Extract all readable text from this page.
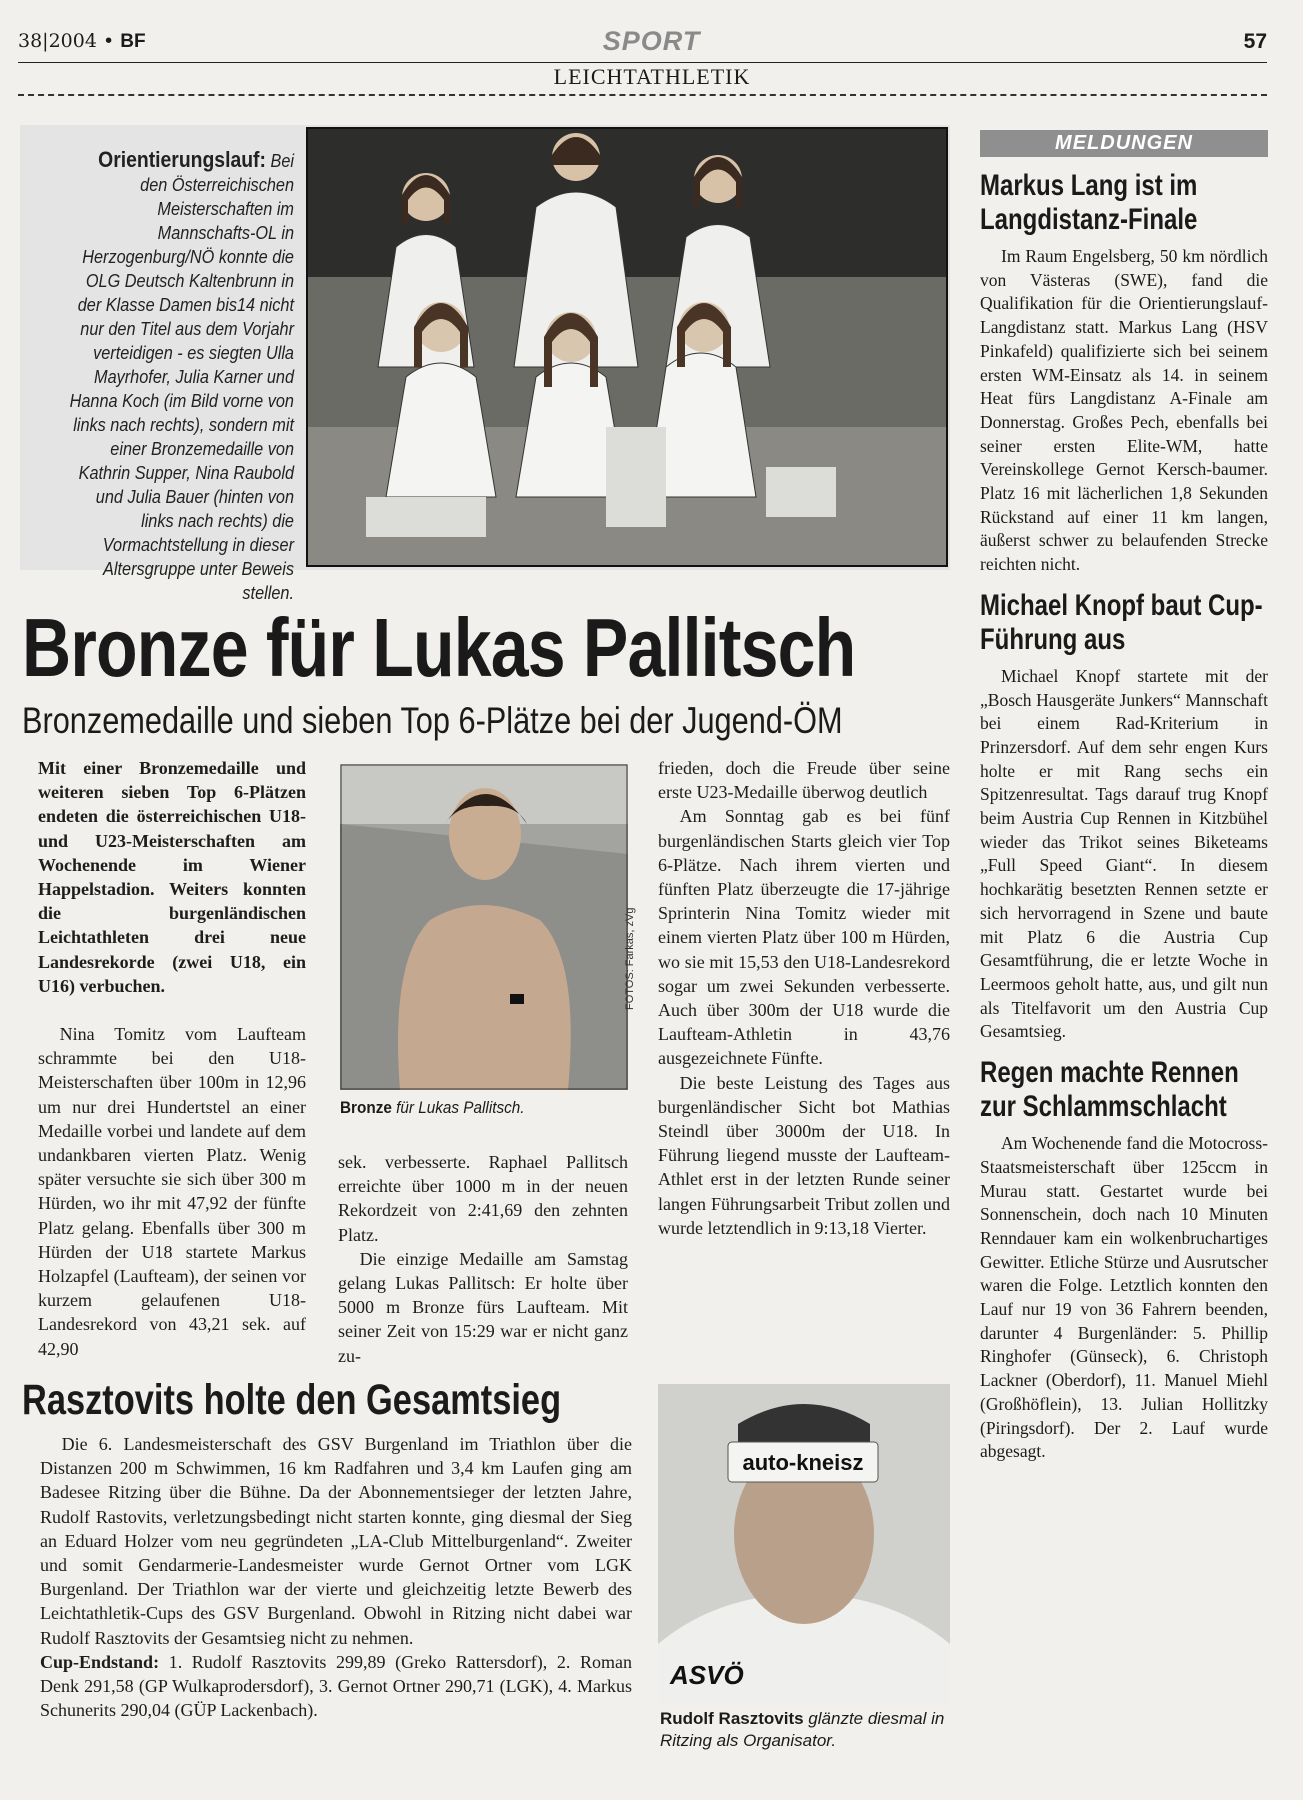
38|2004 • BF	SPORT	57
LEICHTATHLETIK
Orientierungslauf: Bei den Österreichischen Meisterschaften im Mannschafts-OL in Herzogenburg/NÖ konnte die OLG Deutsch Kaltenbrunn in der Klasse Damen bis14 nicht nur den Titel aus dem Vorjahr verteidigen - es siegten Ulla Mayrhofer, Julia Karner und Hanna Koch (im Bild vorne von links nach rechts), sondern mit einer Bronzemedaille von Kathrin Supper, Nina Raubold und Julia Bauer (hinten von links nach rechts) die Vormachtstellung in dieser Altersgruppe unter Beweis stellen.
Bronze für Lukas Pallitsch
Bronzemedaille und sieben Top 6-Plätze bei der Jugend-ÖM
Mit einer Bronzemedaille und weiteren sieben Top 6-Plätzen endeten die österreichischen U18- und U23-Meisterschaften am Wochenende im Wiener Happelstadion. Weiters konnten die burgenländischen Leichtathleten drei neue Landesrekorde (zwei U18, ein U16) verbuchen.

Nina Tomitz vom Laufteam schrammte bei den U18-Meisterschaften über 100m in 12,96 um nur drei Hundertstel an einer Medaille vorbei und landete auf dem undankbaren vierten Platz. Wenig später versuchte sie sich über 300 m Hürden, wo ihr mit 47,92 der fünfte Platz gelang. Ebenfalls über 300 m Hürden der U18 startete Markus Holzapfel (Laufteam), der seinen vor kurzem gelaufenen U18-Landesrekord von 43,21 sek. auf 42,90

FOTOS: Farkas, zVg
Bronze für Lukas Pallitsch.

sek. verbesserte. Raphael Pallitsch erreichte über 1000 m in der neuen Rekordzeit von 2:41,69 den zehnten Platz.

Die einzige Medaille am Samstag gelang Lukas Pallitsch: Er holte über 5000 m Bronze fürs Laufteam. Mit seiner Zeit von 15:29 war er nicht ganz zu-

frieden, doch die Freude über seine erste U23-Medaille überwog deutlich

Am Sonntag gab es bei fünf burgenländischen Starts gleich vier Top 6-Plätze. Nach ihrem vierten und fünften Platz überzeugte die 17-jährige Sprinterin Nina Tomitz wieder mit einem vierten Platz über 100 m Hürden, wo sie mit 15,53 den U18-Landesrekord sogar um zwei Sekunden verbesserte. Auch über 300m der U18 wurde die Laufteam-Athletin in 43,76 ausgezeichnete Fünfte.

Die beste Leistung des Tages aus burgenländischer Sicht bot Mathias Steindl über 3000m der U18. In Führung liegend musste der Laufteam-Athlet erst in der letzten Runde seiner langen Führungsarbeit Tribut zollen und wurde letztendlich in 9:13,18 Vierter.

Rasztovits holte den Gesamtsieg

Die 6. Landesmeisterschaft des GSV Burgenland im Triathlon über die Distanzen 200 m Schwimmen, 16 km Radfahren und 3,4 km Laufen ging am Badesee Ritzing über die Bühne. Da der Abonnementsieger der letzten Jahre, Rudolf Rastovits, verletzungsbedingt nicht starten konnte, ging diesmal der Sieg an Eduard Holzer vom neu gegründeten „LA-Club Mittelburgenland“. Zweiter und somit Gendarmerie-Landesmeister wurde Gernot Ortner vom LGK Burgenland. Der Triathlon war der vierte und gleichzeitig letzte Bewerb des Leichtathletik-Cups des GSV Burgenland. Obwohl in Ritzing nicht dabei war Rudolf Rasztovits der Gesamtsieg nicht zu nehmen.

Cup-Endstand: 1. Rudolf Rasztovits 299,89 (Greko Rattersdorf), 2. Roman Denk 291,58 (GP Wulkaprodersdorf), 3. Gernot Ortner 290,71 (LGK), 4. Markus Schunerits 290,04 (GÜP Lackenbach).

auto-kneisz
ASVÖ
Rudolf Rasztovits glänzte diesmal in Ritzing als Organisator.
MELDUNGEN
Markus Lang ist im Langdistanz-Finale

Im Raum Engelsberg, 50 km nördlich von Västeras (SWE), fand die Qualifikation für die Orientierungslauf-Langdistanz statt. Markus Lang (HSV Pinkafeld) qualifizierte sich bei seinem ersten WM-Einsatz als 14. in seinem Heat fürs Langdistanz A-Finale am Donnerstag. Großes Pech, ebenfalls bei seiner ersten Elite-WM, hatte Vereinskollege Gernot Kersch-baumer. Platz 16 mit lächerlichen 1,8 Sekunden Rückstand auf einer 11 km langen, äußerst schwer zu belaufenden Strecke reichten nicht.

Michael Knopf baut Cup-Führung aus

Michael Knopf startete mit der „Bosch Hausgeräte Junkers“ Mannschaft bei einem Rad-Kriterium in Prinzersdorf. Auf dem sehr engen Kurs holte er mit Rang sechs ein Spitzenresultat. Tags darauf trug Knopf beim Austria Cup Rennen in Kitzbühel wieder das Trikot seines Biketeams „Full Speed Giant“. In diesem hochkarätig besetzten Rennen setzte er sich hervorragend in Szene und baute mit Platz 6 die Austria Cup Gesamtführung, die er letzte Woche in Leermoos geholt hatte, aus, und gilt nun als Titelfavorit um den Austria Cup Gesamtsieg.

Regen machte Rennen zur Schlammschlacht

Am Wochenende fand die Motocross-Staatsmeisterschaft über 125ccm in Murau statt. Gestartet wurde bei Sonnenschein, doch nach 10 Minuten Renndauer kam ein wolkenbruchartiges Gewitter. Etliche Stürze und Ausrutscher waren die Folge. Letztlich konnten den Lauf nur 19 von 36 Fahrern beenden, darunter 4 Burgenländer: 5. Phillip Ringhofer (Günseck), 6. Christoph Lackner (Oberdorf), 11. Manuel Miehl (Großhöflein), 13. Julian Hollitzky (Piringsdorf). Der 2. Lauf wurde abgesagt.
